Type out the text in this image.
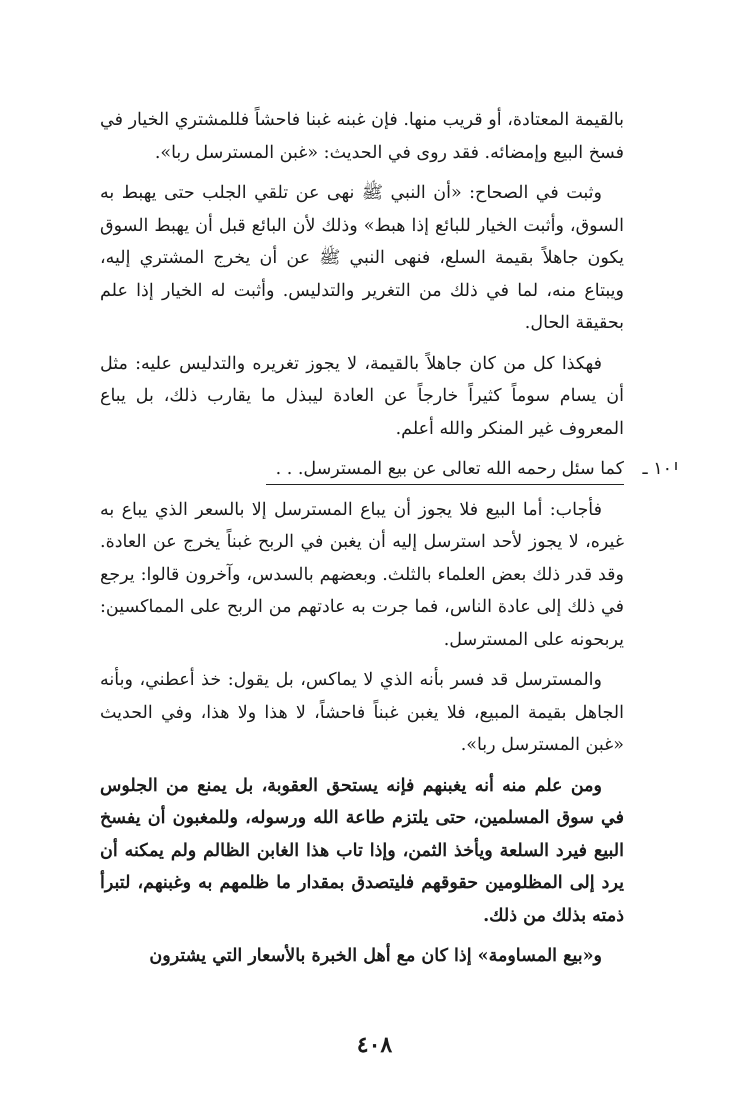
بالقيمة المعتادة، أو قريب منها. فإن غبنه غبنا فاحشاً فللمشتري الخيار في فسخ البيع وإمضائه. فقد روى في الحديث: «غبن المسترسل ربا».

وثبت في الصحاح: «أن النبي ﷺ نهى عن تلقي الجلب حتى يهبط به السوق، وأثبت الخيار للبائع إذا هبط» وذلك لأن البائع قبل أن يهبط السوق يكون جاهلاً بقيمة السلع، فنهى النبي ﷺ عن أن يخرج المشتري إليه، ويبتاع منه، لما في ذلك من التغرير والتدليس. وأثبت له الخيار إذا علم بحقيقة الحال.

فهكذا كل من كان جاهلاً بالقيمة، لا يجوز تغريره والتدليس عليه: مثل أن يسام سوماً كثيراً خارجاً عن العادة ليبذل ما يقارب ذلك، بل يباع المعروف غير المنكر والله أعلم.

١٠ ـ
كما سئل رحمه الله تعالى عن بيع المسترسل. . .

فأجاب: أما البيع فلا يجوز أن يباع المسترسل إلا بالسعر الذي يباع به غيره، لا يجوز لأحد استرسل إليه أن يغبن في الربح غبناً يخرج عن العادة. وقد قدر ذلك بعض العلماء بالثلث. وبعضهم بالسدس، وآخرون قالوا: يرجع في ذلك إلى عادة الناس، فما جرت به عادتهم من الربح على المماكسين: يربحونه على المسترسل.

والمسترسل قد فسر بأنه الذي لا يماكس، بل يقول: خذ أعطني، وبأنه الجاهل بقيمة المبيع، فلا يغبن غبناً فاحشاً، لا هذا ولا هذا، وفي الحديث «غبن المسترسل ربا».

ومن علم منه أنه يغبنهم فإنه يستحق العقوبة، بل يمنع من الجلوس في سوق المسلمين، حتى يلتزم طاعة الله ورسوله، وللمغبون أن يفسخ البيع فيرد السلعة ويأخذ الثمن، وإذا تاب هذا الغابن الظالم ولم يمكنه أن يرد إلى المظلومين حقوقهم فليتصدق بمقدار ما ظلمهم به وغبنهم، لتبرأ ذمته بذلك من ذلك.

و«بيع المساومة» إذا كان مع أهل الخبرة بالأسعار التي يشترون

٤٠٨
